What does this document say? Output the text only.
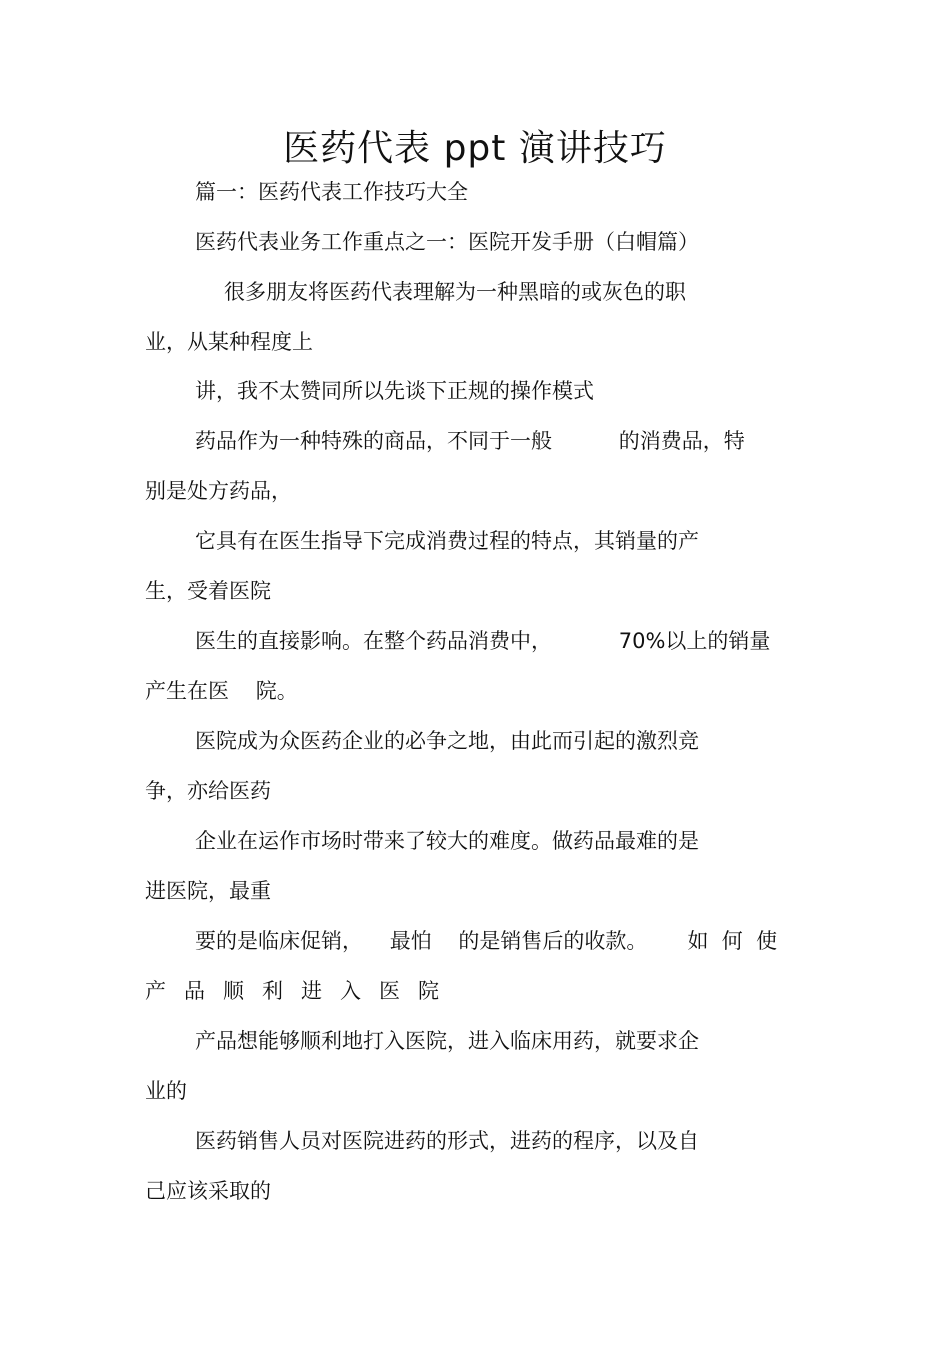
医药代表 ppt 演讲技巧
篇一：医药代表工作技巧大全
医药代表业务工作重点之一：医院开发手册（白帽篇）
很多朋友将医药代表理解为一种黑暗的或灰色的职
业，从某种程度上
讲，我不太赞同所以先谈下正规的操作模式
药品作为一种特殊的商品，不同于一般          的消费品，特
别是处方药品，
它具有在医生指导下完成消费过程的特点，其销量的产
生，受着医院
医生的直接影响。在整个药品消费中，          70%以上的销量
产生在医    院。
医院成为众医药企业的必争之地，由此而引起的激烈竞
争，亦给医药
企业在运作市场时带来了较大的难度。做药品最难的是
进医院，最重
要的是临床促销，    最怕    的是销售后的收款。      如  何  使
产品顺利进入医院
产品想能够顺利地打入医院，进入临床用药，就要求企
业的
医药销售人员对医院进药的形式，进药的程序，以及自
己应该采取的
